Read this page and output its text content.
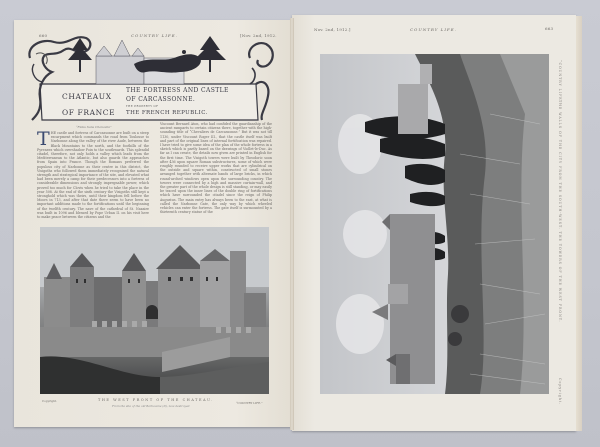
660	COUNTRY LIFE.	[Nov. 2nd, 1912.
Nov. 2nd, 1912.]	COUNTRY LIFE.	663
CHATEAUX
OF FRANCE
THE FORTRESS AND CASTLE
OF CARCASSONNE.
THE PROPERTY OF
THE FRENCH REPUBLIC.
“Fides Sans Chancelle”
T HE castle and fortress of Carcassonne are built on a steep escarpment which commands the road from Toulouse to Narbonne along the valley of the river Aude, between the Black Mountains to the north, and the foothills of the Pyrenees which overshadow Foix to the southwards. This splendid citadel, therefore, not only holds a valley which leads from the Mediterranean to the Atlantic, but also guards the approaches from Spain into France. Though the Romans preferred the populous city of Narbonne as their centre in this district, the Visigoths who followed them immediately recognised the natural strength and strategical importance of the site, and elevated what had been merely a camp for their predecessors into a fortress of considerable dimensions and strongly impregnable power, which proved too much for Clovis when he tried to take the place in the year 508. At the end of the sixth century the Visigoths still kept a stronghold which was theirs, until their kingdom fell before the Moors in 713, and after that date there seem to have been no important additions made to the fortifications until the beginning of the twelfth century. The nave of the cathedral of St. Nazaire was built in 1096 and blessed by Pope Urban II. on his visit here to make peace between the citizens and the
Viscount Bernard Aton, who had confided the guardianship of the ancient ramparts to certain citizens there, together with the high-sounding title of “Chevaliers de Carcassonne.” But it was not till 1130, under Viscount Roger III., that the castle itself was built and part of the original lines of internal fortification was repaired. I have tried to give some idea of the plan of the whole fortress in a sketch which is partly based on the drawings of Viollet-le-Duc. As far as I can create, the details now given are printed in English for the first time. The Visigoth towers were built by Theodoric soon after 436 upon square Roman substructures, some of which were roughly rounded to receive upper works that are cylindrical on the outside and square within, constructed of small stones arranged together with alternate bands of large bricks, in which round-arched windows open upon the surrounding country. The towers were connected by a high and massive curtain-wall, and the greater part of the whole design is still standing, or may easily be traced upon the inner lines of the double ring of fortifications which have surrounded the citadel since the reign of Philip Augustus. The main entry has always been to the east, at what is called the Narbonne Gate, the only way by which wheeled vehicles can enter the fortress. The gate itself is surmounted by a thirteenth century statue of the
Copyright.	THE WEST FRONT OF THE CHATEAU.
From the site of the old Barbacane (D), now destroyed.
“COUNTRY LIFE.”
“COUNTRY LIFE.”
THE WALLS OF THE CITY FROM THE SOUTH-WEST. THE TOWERS OF THE WEST FRONT.
Copyright.
